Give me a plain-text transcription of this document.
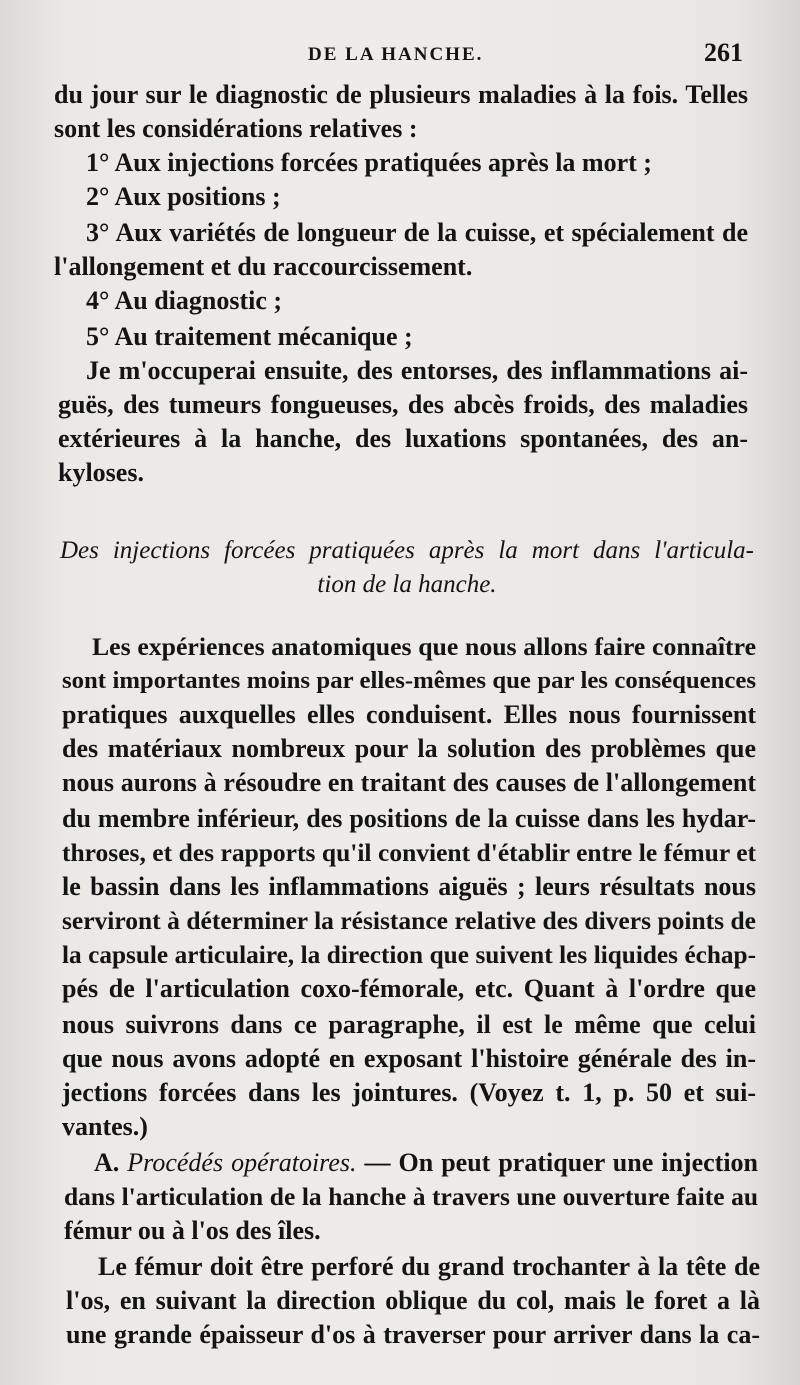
DE LA HANCHE.	261
du jour sur le diagnostic de plusieurs maladies à la fois. Telles
sont les considérations relatives :
1° Aux injections forcées pratiquées après la mort ;
2° Aux positions ;
3° Aux variétés de longueur de la cuisse, et spécialement de
l'allongement et du raccourcissement.
4° Au diagnostic ;
5° Au traitement mécanique ;
Je m'occuperai ensuite, des entorses, des inflammations ai-
guës, des tumeurs fongueuses, des abcès froids, des maladies
extérieures à la hanche, des luxations spontanées, des an-
kyloses.
Des injections forcées pratiquées après la mort dans l'articula-
tion de la hanche.
Les expériences anatomiques que nous allons faire connaître
sont importantes moins par elles-mêmes que par les conséquences
pratiques auxquelles elles conduisent. Elles nous fournissent
des matériaux nombreux pour la solution des problèmes que
nous aurons à résoudre en traitant des causes de l'allongement
du membre inférieur, des positions de la cuisse dans les hydar-
throses, et des rapports qu'il convient d'établir entre le fémur et
le bassin dans les inflammations aiguës ; leurs résultats nous
serviront à déterminer la résistance relative des divers points de
la capsule articulaire, la direction que suivent les liquides échap-
pés de l'articulation coxo-fémorale, etc. Quant à l'ordre que
nous suivrons dans ce paragraphe, il est le même que celui
que nous avons adopté en exposant l'histoire générale des in-
jections forcées dans les jointures. (Voyez t. 1, p. 50 et sui-
vantes.)
A. Procédés opératoires. — On peut pratiquer une injection
dans l'articulation de la hanche à travers une ouverture faite au
fémur ou à l'os des îles.
Le fémur doit être perforé du grand trochanter à la tête de
l'os, en suivant la direction oblique du col, mais le foret a là
une grande épaisseur d'os à traverser pour arriver dans la ca-
